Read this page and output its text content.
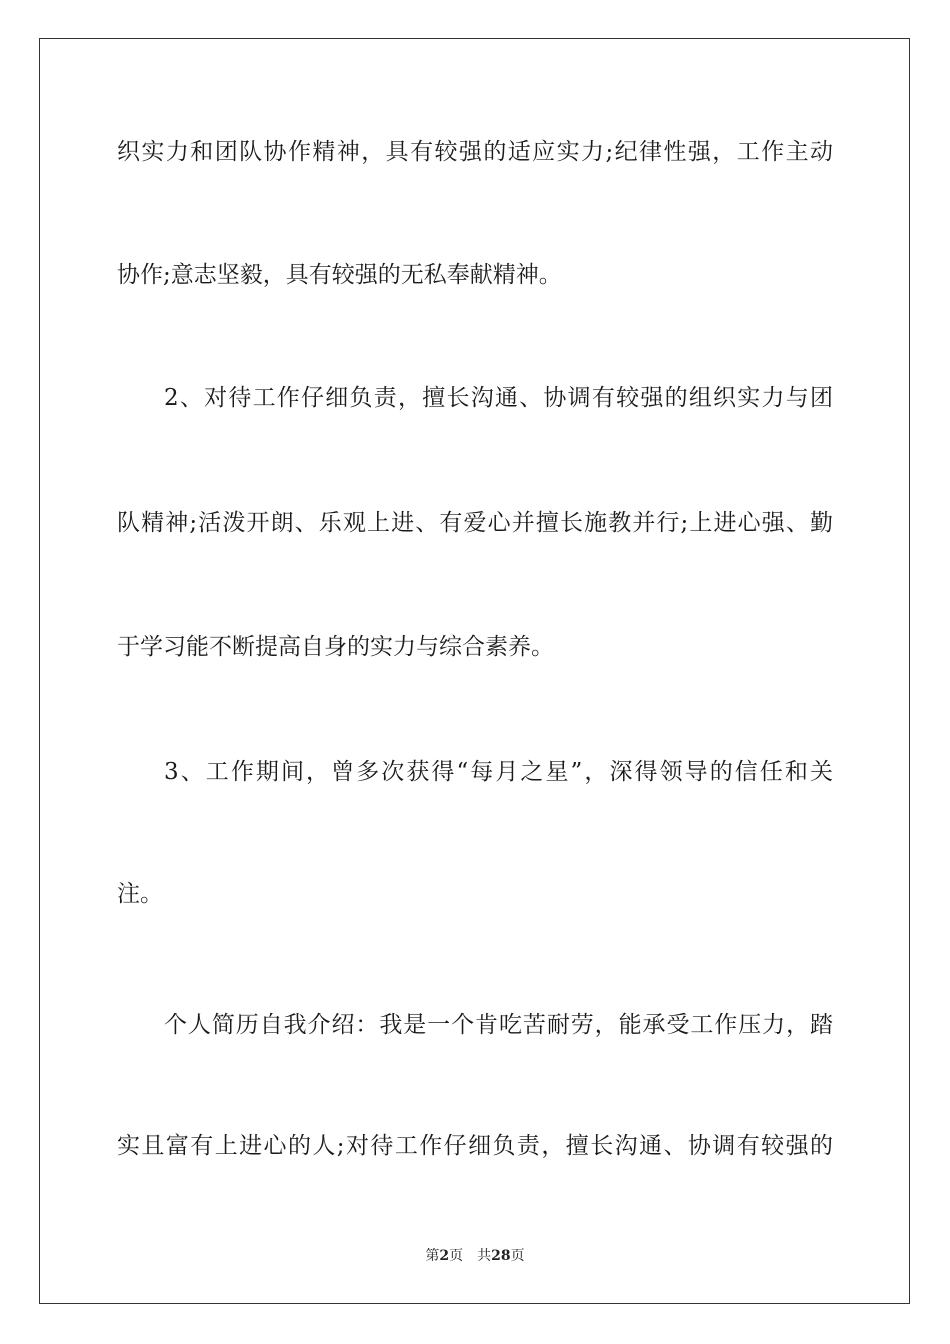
织实力和团队协作精神，具有较强的适应实力;纪律性强，工作主动
协作;意志坚毅，具有较强的无私奉献精神。
2、对待工作仔细负责，擅长沟通、协调有较强的组织实力与团
队精神;活泼开朗、乐观上进、有爱心并擅长施教并行;上进心强、勤
于学习能不断提高自身的实力与综合素养。
3、工作期间，曾多次获得“每月之星”，深得领导的信任和关
注。
个人简历自我介绍：我是一个肯吃苦耐劳，能承受工作压力，踏
实且富有上进心的人;对待工作仔细负责，擅长沟通、协调有较强的
第2页 共28页
